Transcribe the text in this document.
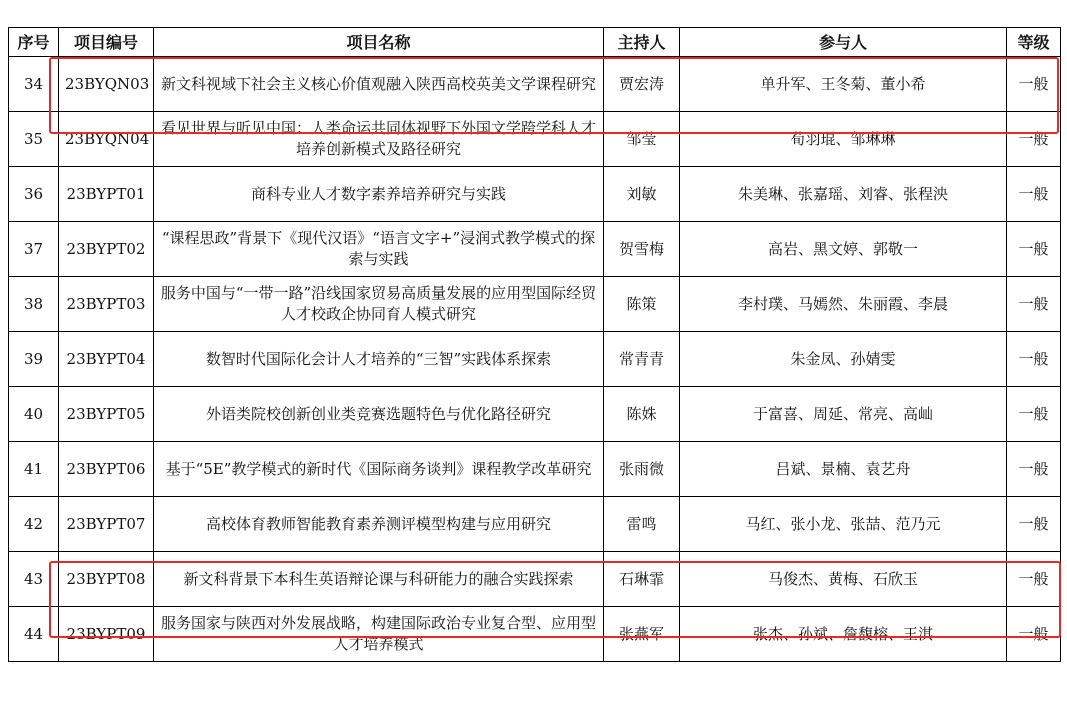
序号	项目编号	项目名称	主持人	参与人	等级
34	23BYQN03	新文科视域下社会主义核心价值观融入陕西高校英美文学课程研究	贾宏涛	单升军、王冬菊、董小希	一般
35	23BYQN04	看见世界与听见中国：人类命运共同体视野下外国文学跨学科人才培养创新模式及路径研究	邹莹	荀羽琨、邹琳琳	一般
36	23BYPT01	商科专业人才数字素养培养研究与实践	刘敏	朱美琳、张嘉瑶、刘睿、张程泱	一般
37	23BYPT02	“课程思政”背景下《现代汉语》“语言文字+”浸润式教学模式的探索与实践	贺雪梅	高岩、黑文婷、郭敬一	一般
38	23BYPT03	服务中国与“一带一路”沿线国家贸易高质量发展的应用型国际经贸人才校政企协同育人模式研究	陈策	李村璞、马嫣然、朱丽霞、李晨	一般
39	23BYPT04	数智时代国际化会计人才培养的“三智”实践体系探索	常青青	朱金凤、孙婧雯	一般
40	23BYPT05	外语类院校创新创业类竞赛选题特色与优化路径研究	陈姝	于富喜、周延、常亮、高屾	一般
41	23BYPT06	基于“5E”教学模式的新时代《国际商务谈判》课程教学改革研究	张雨微	吕斌、景楠、袁艺舟	一般
42	23BYPT07	高校体育教师智能教育素养测评模型构建与应用研究	雷鸣	马红、张小龙、张喆、范乃元	一般
43	23BYPT08	新文科背景下本科生英语辩论课与科研能力的融合实践探索	石琳霏	马俊杰、黄梅、石欣玉	一般
44	23BYPT09	服务国家与陕西对外发展战略，构建国际政治专业复合型、应用型人才培养模式	张燕军	张杰、孙斌、詹馥榕、王淇	一般
